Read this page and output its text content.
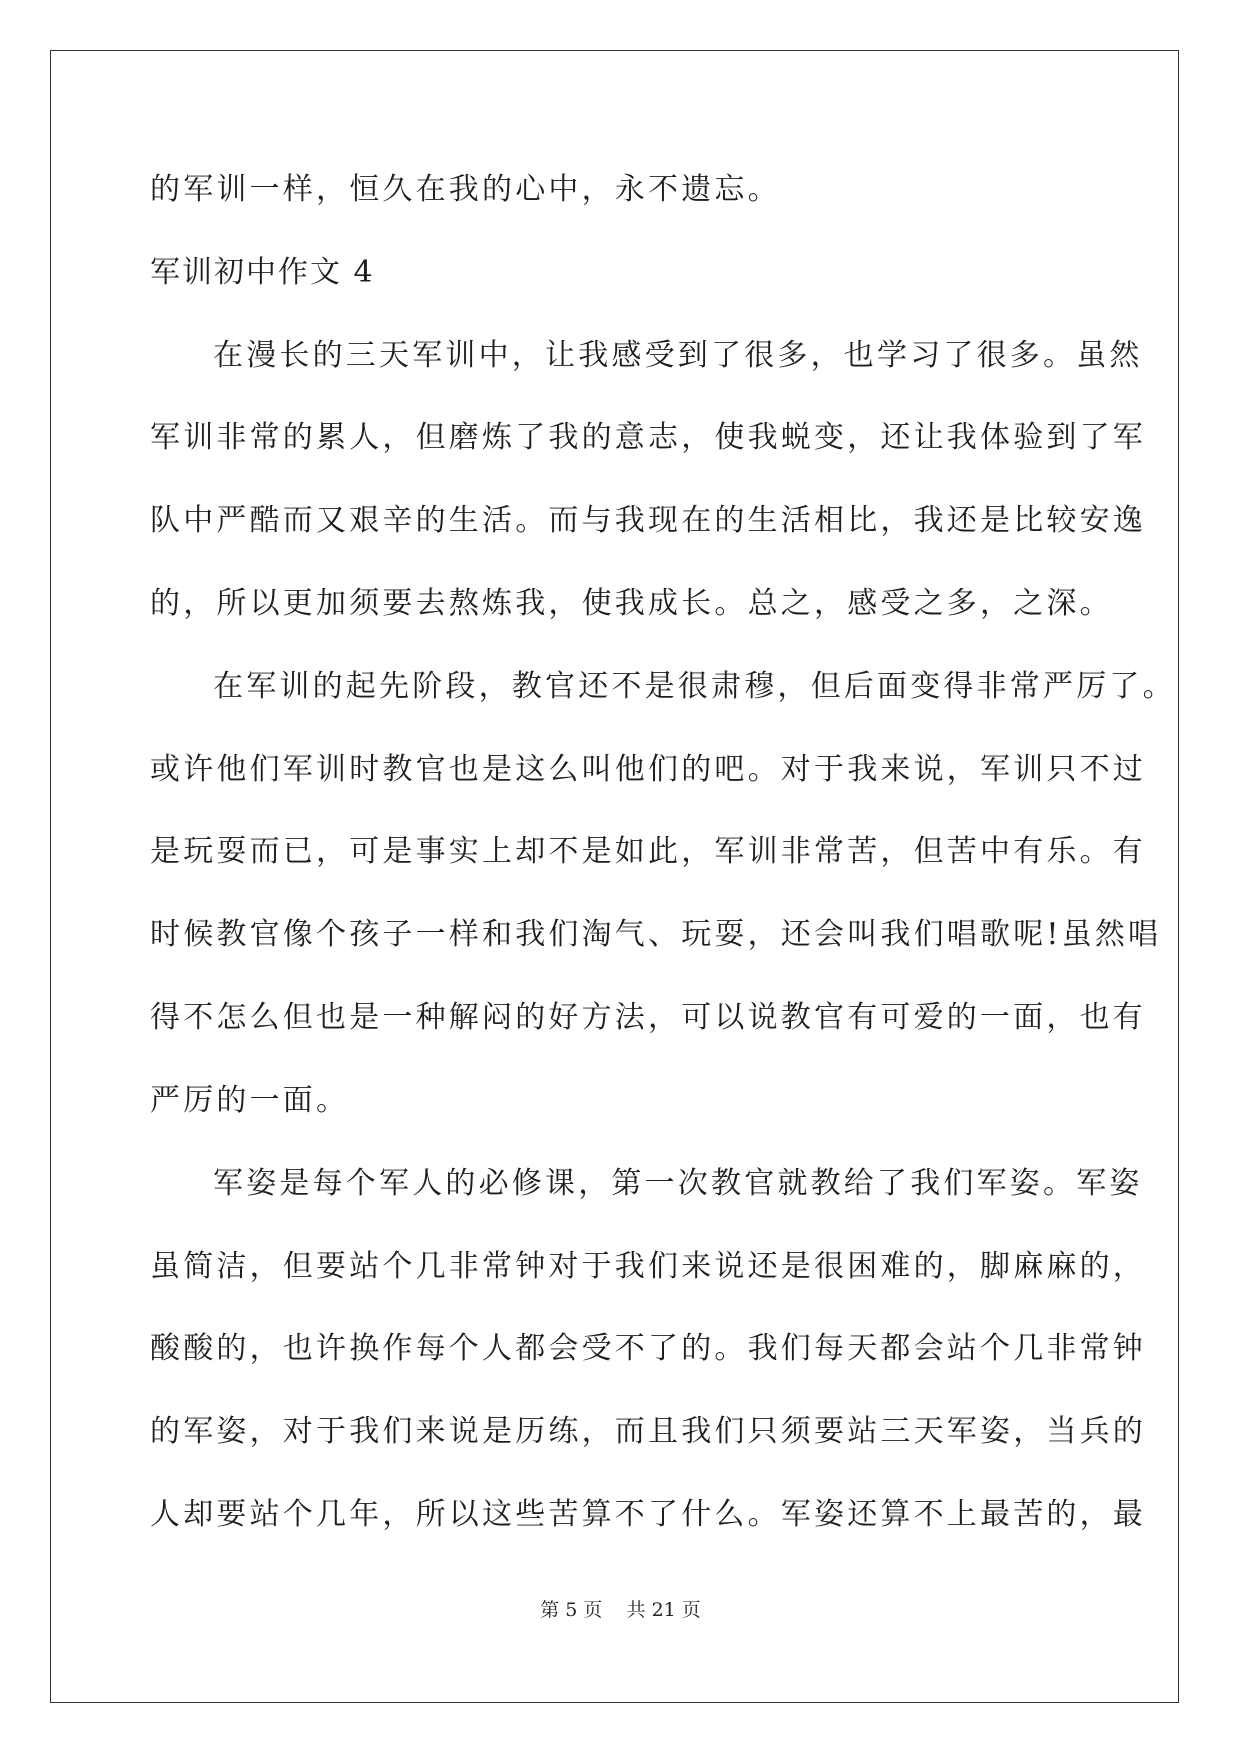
的军训一样，恒久在我的心中，永不遗忘。
军训初中作文 4
在漫长的三天军训中，让我感受到了很多，也学习了很多。虽然
军训非常的累人，但磨炼了我的意志，使我蜕变，还让我体验到了军
队中严酷而又艰辛的生活。而与我现在的生活相比，我还是比较安逸
的，所以更加须要去熬炼我，使我成长。总之，感受之多，之深。
在军训的起先阶段，教官还不是很肃穆，但后面变得非常严厉了。
或许他们军训时教官也是这么叫他们的吧。对于我来说，军训只不过
是玩耍而已，可是事实上却不是如此，军训非常苦，但苦中有乐。有
时候教官像个孩子一样和我们淘气、玩耍，还会叫我们唱歌呢!虽然唱
得不怎么但也是一种解闷的好方法，可以说教官有可爱的一面，也有
严厉的一面。
军姿是每个军人的必修课，第一次教官就教给了我们军姿。军姿
虽简洁，但要站个几非常钟对于我们来说还是很困难的，脚麻麻的，
酸酸的，也许换作每个人都会受不了的。我们每天都会站个几非常钟
的军姿，对于我们来说是历练，而且我们只须要站三天军姿，当兵的
人却要站个几年，所以这些苦算不了什么。军姿还算不上最苦的，最
第 5 页    共 21 页
